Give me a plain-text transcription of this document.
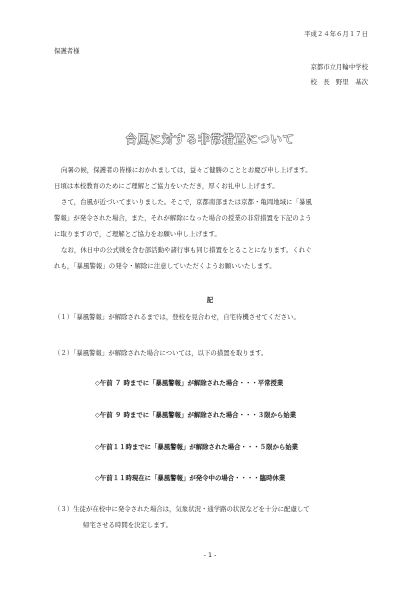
平成２４年６月１７日
保護者様
京都市立月輪中学校
校　長　野里　基次
台風に対する非常措置について
向暑の候，保護者の皆様におかれましては，益々ご健勝のこととお慶び申し上げます。
日頃は本校教育のためにご理解とご協力をいただき，厚くお礼申し上げます。
さて，台風が近づいてまいりました。そこで，京都南部または京都・亀岡地域に「暴風
警報」が発令された場合，また，それが解除になった場合の授業の非常措置を下記のよう
に取りますので，ご理解とご協力をお願い申し上げます。
なお，休日中の公式戦を含む部活動や諸行事も同じ措置をとることになります。くれぐ
れも，「暴風警報」の発令・解除に注意していただくようお願いいたします。
記
（１）「暴風警報」が解除されるまでは，登校を見合わせ，自宅待機させてください。
（２）「暴風警報」が解除された場合については，以下の措置を取ります。
◇午前 ７ 時までに「暴風警報」が解除された場合・・・平常授業
◇午前 ９ 時までに「暴風警報」が解除された場合・・・３限から始業
◇午前１１時までに「暴風警報」が解除された場合・・・５限から始業
◇午前１１時現在に「暴風警報」が発令中の場合・・・・臨時休業
（３）生徒が在校中に発令された場合は，気象状況・通学路の状況などを十分に配慮して
帰宅させる時間を決定します。
- 1 -
